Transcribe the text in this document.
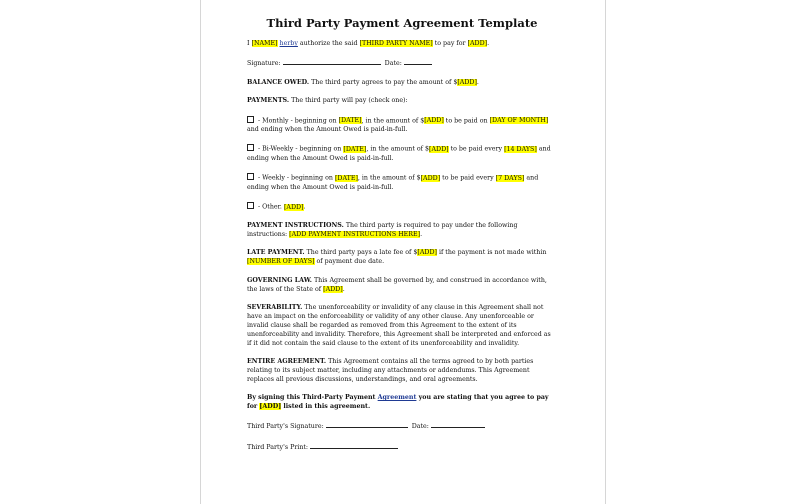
Third Party Payment Agreement Template

I [NAME] herby authorize the said [THIRD PARTY NAME] to pay for [ADD].

Signature:	Date:

BALANCE OWED. The third party agrees to pay the amount of $[ADD].

PAYMENTS. The third party will pay (check one):

- Monthly - beginning on [DATE], in the amount of $[ADD] to be paid on [DAY OF MONTH] and ending when the Amount Owed is paid-in-full.

- Bi-Weekly - beginning on [DATE], in the amount of $[ADD] to be paid every [14 DAYS] and ending when the Amount Owed is paid-in-full.

- Weekly - beginning on [DATE], in the amount of $[ADD] to be paid every [7 DAYS] and ending when the Amount Owed is paid-in-full.

- Other. [ADD].

PAYMENT INSTRUCTIONS. The third party is required to pay under the following instructions: [ADD PAYMENT INSTRUCTIONS HERE].

LATE PAYMENT. The third party pays a late fee of $[ADD] if the payment is not made within [NUMBER OF DAYS] of payment due date.

GOVERNING LAW. This Agreement shall be governed by, and construed in accordance with, the laws of the State of [ADD].

SEVERABILITY. The unenforceability or invalidity of any clause in this Agreement shall not have an impact on the enforceability or validity of any other clause. Any unenforceable or invalid clause shall be regarded as removed from this Agreement to the extent of its unenforceability and invalidity. Therefore, this Agreement shall be interpreted and enforced as if it did not contain the said clause to the extent of its unenforceability and invalidity.

ENTIRE AGREEMENT. This Agreement contains all the terms agreed to by both parties relating to its subject matter, including any attachments or addendums. This Agreement replaces all previous discussions, understandings, and oral agreements.

By signing this Third-Party Payment Agreement you are stating that you agree to pay for [ADD] listed in this agreement.

Third Party's Signature:	Date:

Third Party's Print:
